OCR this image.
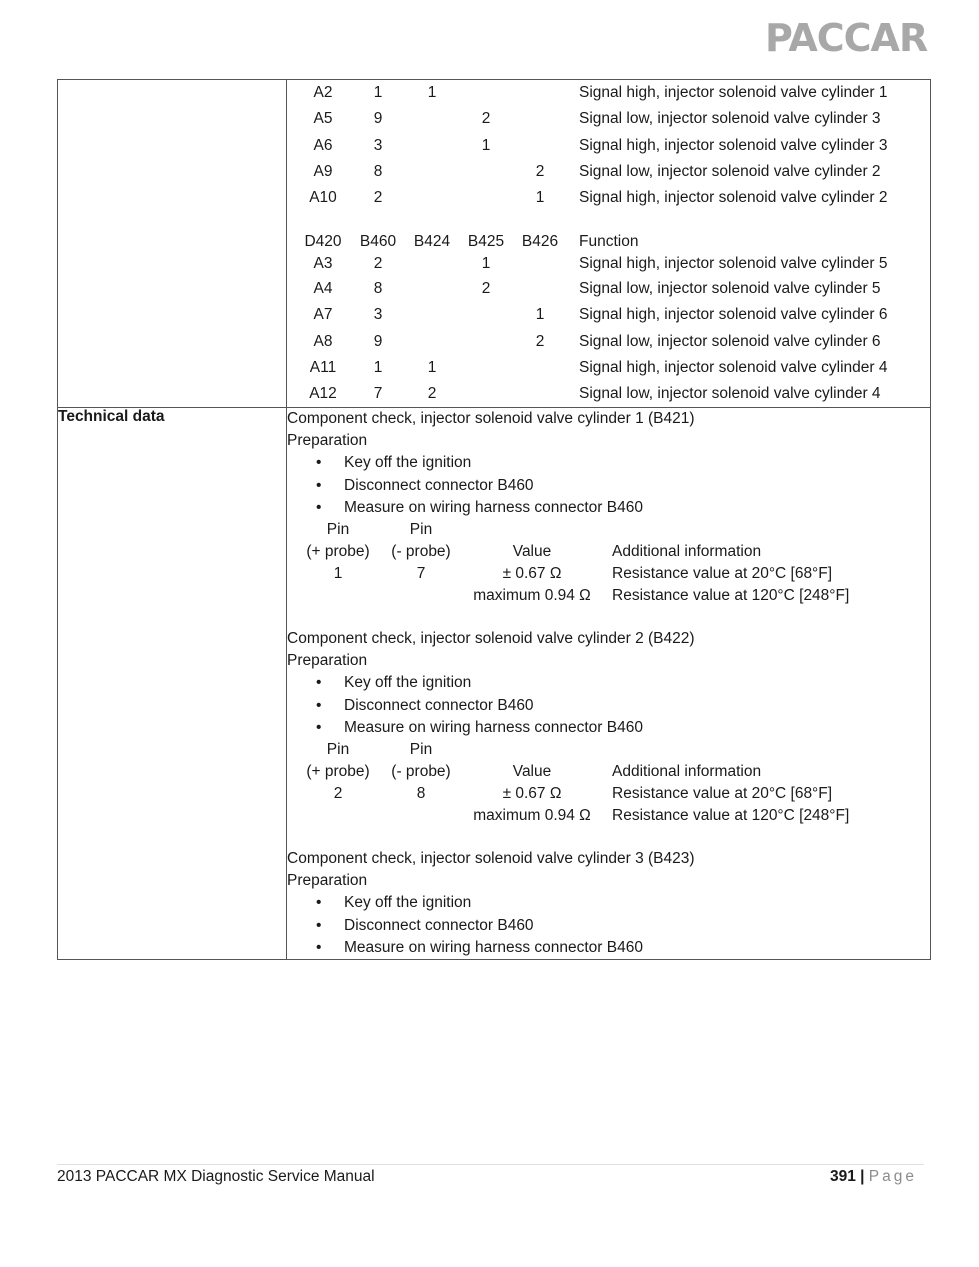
PACCAR

A2	1	1			Signal high, injector solenoid valve cylinder 1
A5	9		2		Signal low, injector solenoid valve cylinder 3
A6	3		1		Signal high, injector solenoid valve cylinder 3
A9	8			2	Signal low, injector solenoid valve cylinder 2
A10	2			1	Signal high, injector solenoid valve cylinder 2

D420	B460	B424	B425	B426	Function
A3	2		1		Signal high, injector solenoid valve cylinder 5
A4	8		2		Signal low, injector solenoid valve cylinder 5
A7	3			1	Signal high, injector solenoid valve cylinder 6
A8	9			2	Signal low, injector solenoid valve cylinder 6
A11	1	1			Signal high, injector solenoid valve cylinder 4
A12	7	2			Signal low, injector solenoid valve cylinder 4

Technical data	Component check, injector solenoid valve cylinder 1 (B421)
Preparation
• Key off the ignition
• Disconnect connector B460
• Measure on wiring harness connector B460
Pin	Pin		
(+ probe)	(- probe)	Value	Additional information
1	7	± 0.67 Ω	Resistance value at 20°C [68°F]
		maximum 0.94 Ω	Resistance value at 120°C [248°F]
Component check, injector solenoid valve cylinder 2 (B422)
Preparation
• Key off the ignition
• Disconnect connector B460
• Measure on wiring harness connector B460
Pin	Pin		
(+ probe)	(- probe)	Value	Additional information
2	8	± 0.67 Ω	Resistance value at 20°C [68°F]
		maximum 0.94 Ω	Resistance value at 120°C [248°F]
Component check, injector solenoid valve cylinder 3 (B423)
Preparation
• Key off the ignition
• Disconnect connector B460
• Measure on wiring harness connector B460
2013 PACCAR MX Diagnostic Service Manual	391 | Page
